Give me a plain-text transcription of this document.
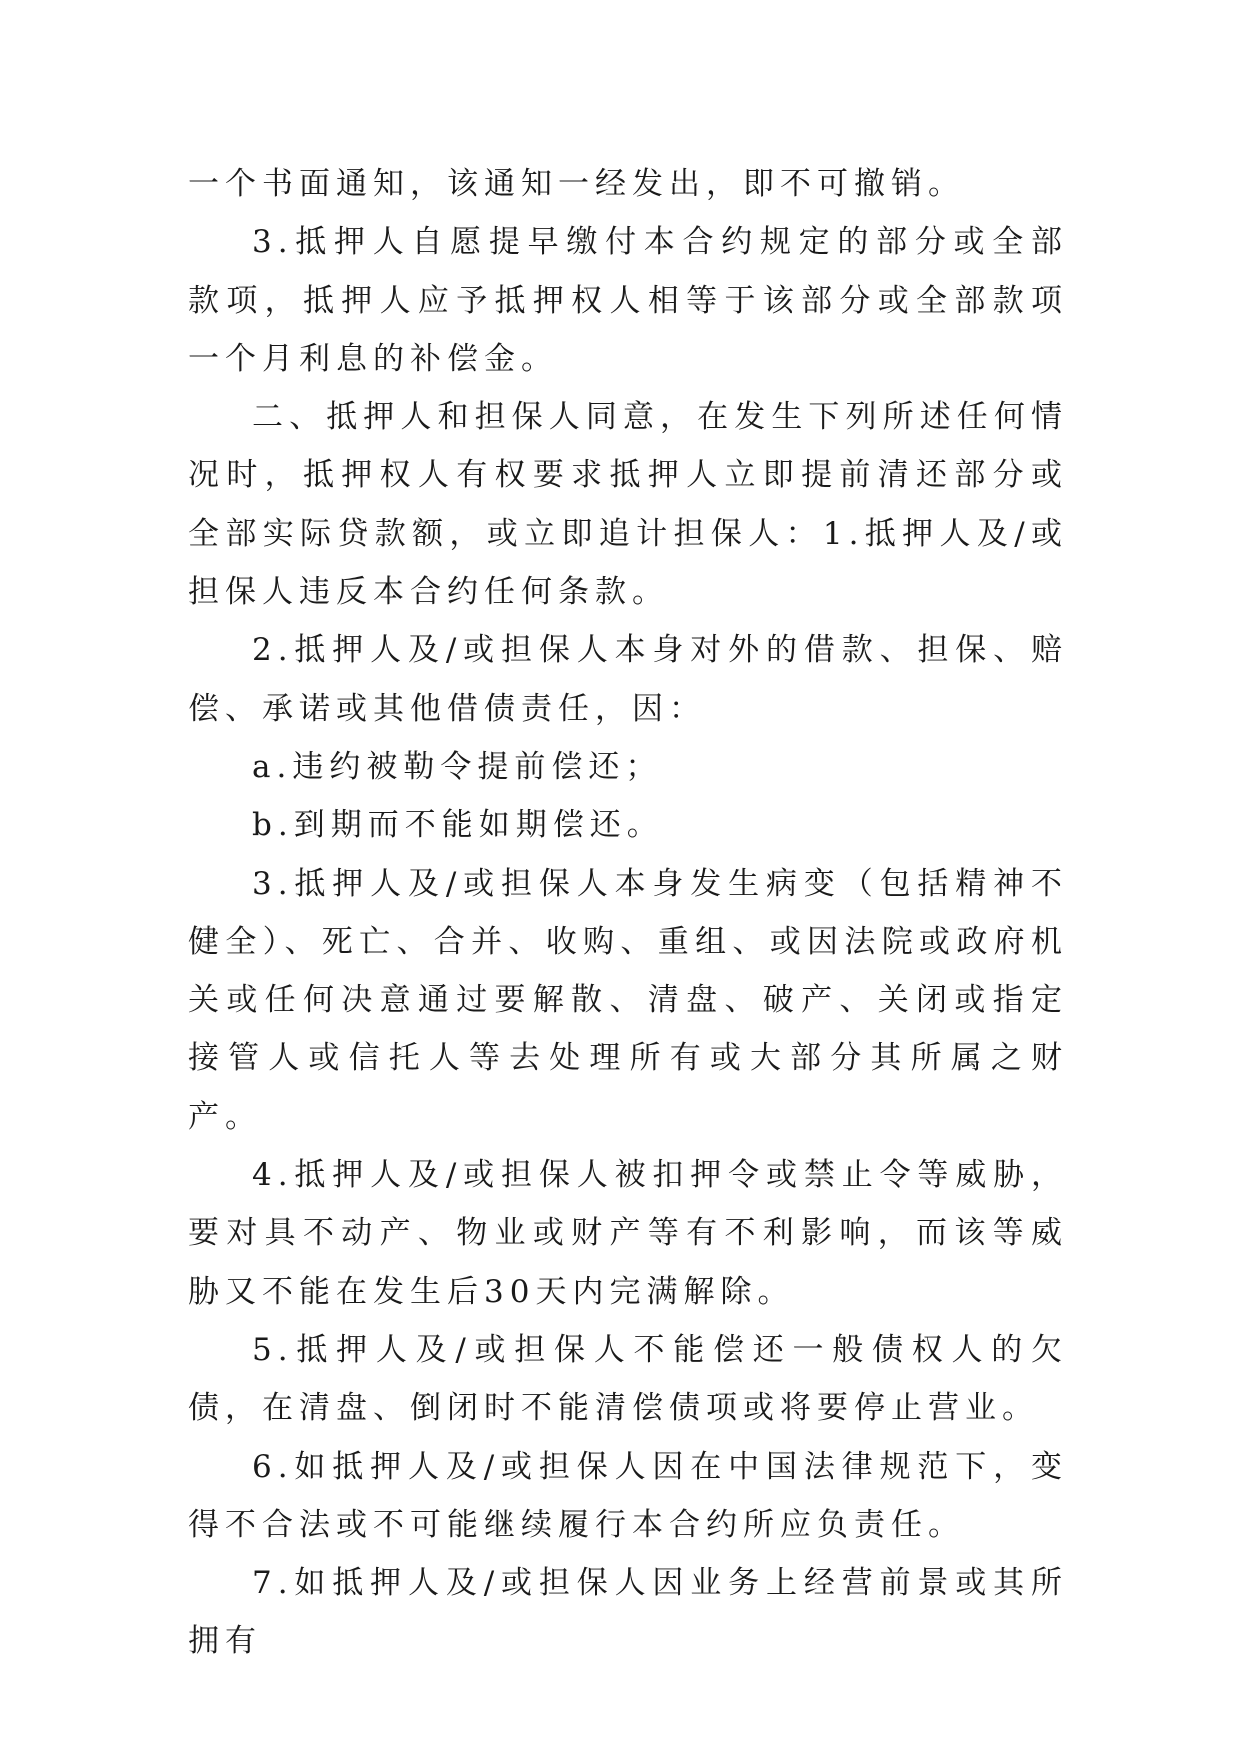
一个书面通知，该通知一经发出，即不可撤销。

3.抵押人自愿提早缴付本合约规定的部分或全部款项，抵押人应予抵押权人相等于该部分或全部款项一个月利息的补偿金。

二、抵押人和担保人同意，在发生下列所述任何情况时，抵押权人有权要求抵押人立即提前清还部分或全部实际贷款额，或立即追计担保人：1.抵押人及/或担保人违反本合约任何条款。

2.抵押人及/或担保人本身对外的借款、担保、赔偿、承诺或其他借债责任，因：

a.违约被勒令提前偿还；

b.到期而不能如期偿还。

3.抵押人及/或担保人本身发生病变（包括精神不健全）、死亡、合并、收购、重组、或因法院或政府机关或任何决意通过要解散、清盘、破产、关闭或指定接管人或信托人等去处理所有或大部分其所属之财产。

4.抵押人及/或担保人被扣押令或禁止令等威胁，要对具不动产、物业或财产等有不利影响，而该等威胁又不能在发生后30天内完满解除。

5.抵押人及/或担保人不能偿还一般债权人的欠债，在清盘、倒闭时不能清偿债项或将要停止营业。

6.如抵押人及/或担保人因在中国法律规范下，变得不合法或不可能继续履行本合约所应负责任。

7.如抵押人及/或担保人因业务上经营前景或其所拥有
